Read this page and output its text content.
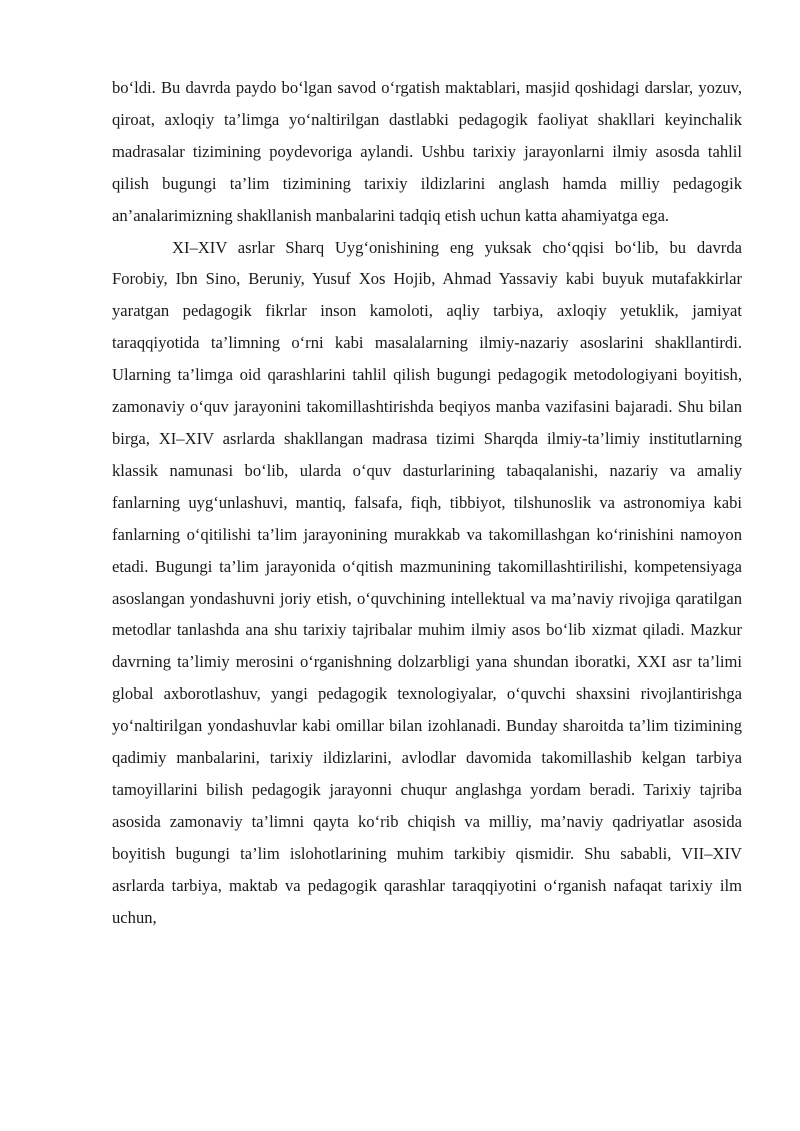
bo‘ldi. Bu davrda paydo bo‘lgan savod o‘rgatish maktablari, masjid qoshidagi darslar, yozuv, qiroat, axloqiy ta’limga yo‘naltirilgan dastlabki pedagogik faoliyat shakllari keyinchalik madrasalar tizimining poydevoriga aylandi. Ushbu tarixiy jarayonlarni ilmiy asosda tahlil qilish bugungi ta’lim tizimining tarixiy ildizlarini anglash hamda milliy pedagogik an’analarimizning shakllanish manbalarini tadqiq etish uchun katta ahamiyatga ega.

XI–XIV asrlar Sharq Uyg‘onishining eng yuksak cho‘qqisi bo‘lib, bu davrda Forobiy, Ibn Sino, Beruniy, Yusuf Xos Hojib, Ahmad Yassaviy kabi buyuk mutafakkirlar yaratgan pedagogik fikrlar inson kamoloti, aqliy tarbiya, axloqiy yetuklik, jamiyat taraqqiyotida ta’limning o‘rni kabi masalalarning ilmiy-nazariy asoslarini shakllantirdi. Ularning ta’limga oid qarashlarini tahlil qilish bugungi pedagogik metodologiyani boyitish, zamonaviy o‘quv jarayonini takomillashtirishda beqiyos manba vazifasini bajaradi. Shu bilan birga, XI–XIV asrlarda shakllangan madrasa tizimi Sharqda ilmiy-ta’limiy institutlarning klassik namunasi bo‘lib, ularda o‘quv dasturlarining tabaqalanishi, nazariy va amaliy fanlarning uyg‘unlashuvi, mantiq, falsafa, fiqh, tibbiyot, tilshunoslik va astronomiya kabi fanlarning o‘qitilishi ta’lim jarayonining murakkab va takomillashgan ko‘rinishini namoyon etadi. Bugungi ta’lim jarayonida o‘qitish mazmunining takomillashtirilishi, kompetensiyaga asoslangan yondashuvni joriy etish, o‘quvchining intellektual va ma’naviy rivojiga qaratilgan metodlar tanlashda ana shu tarixiy tajribalar muhim ilmiy asos bo‘lib xizmat qiladi. Mazkur davrning ta’limiy merosini o‘rganishning dolzarbligi yana shundan iboratki, XXI asr ta’limi global axborotlashuv, yangi pedagogik texnologiyalar, o‘quvchi shaxsini rivojlantirishga yo‘naltirilgan yondashuvlar kabi omillar bilan izohlanadi. Bunday sharoitda ta’lim tizimining qadimiy manbalarini, tarixiy ildizlarini, avlodlar davomida takomillashib kelgan tarbiya tamoyillarini bilish pedagogik jarayonni chuqur anglashga yordam beradi. Tarixiy tajriba asosida zamonaviy ta’limni qayta ko‘rib chiqish va milliy, ma’naviy qadriyatlar asosida boyitish bugungi ta’lim islohotlarining muhim tarkibiy qismidir. Shu sababli, VII–XIV asrlarda tarbiya, maktab va pedagogik qarashlar taraqqiyotini o‘rganish nafaqat tarixiy ilm uchun,
